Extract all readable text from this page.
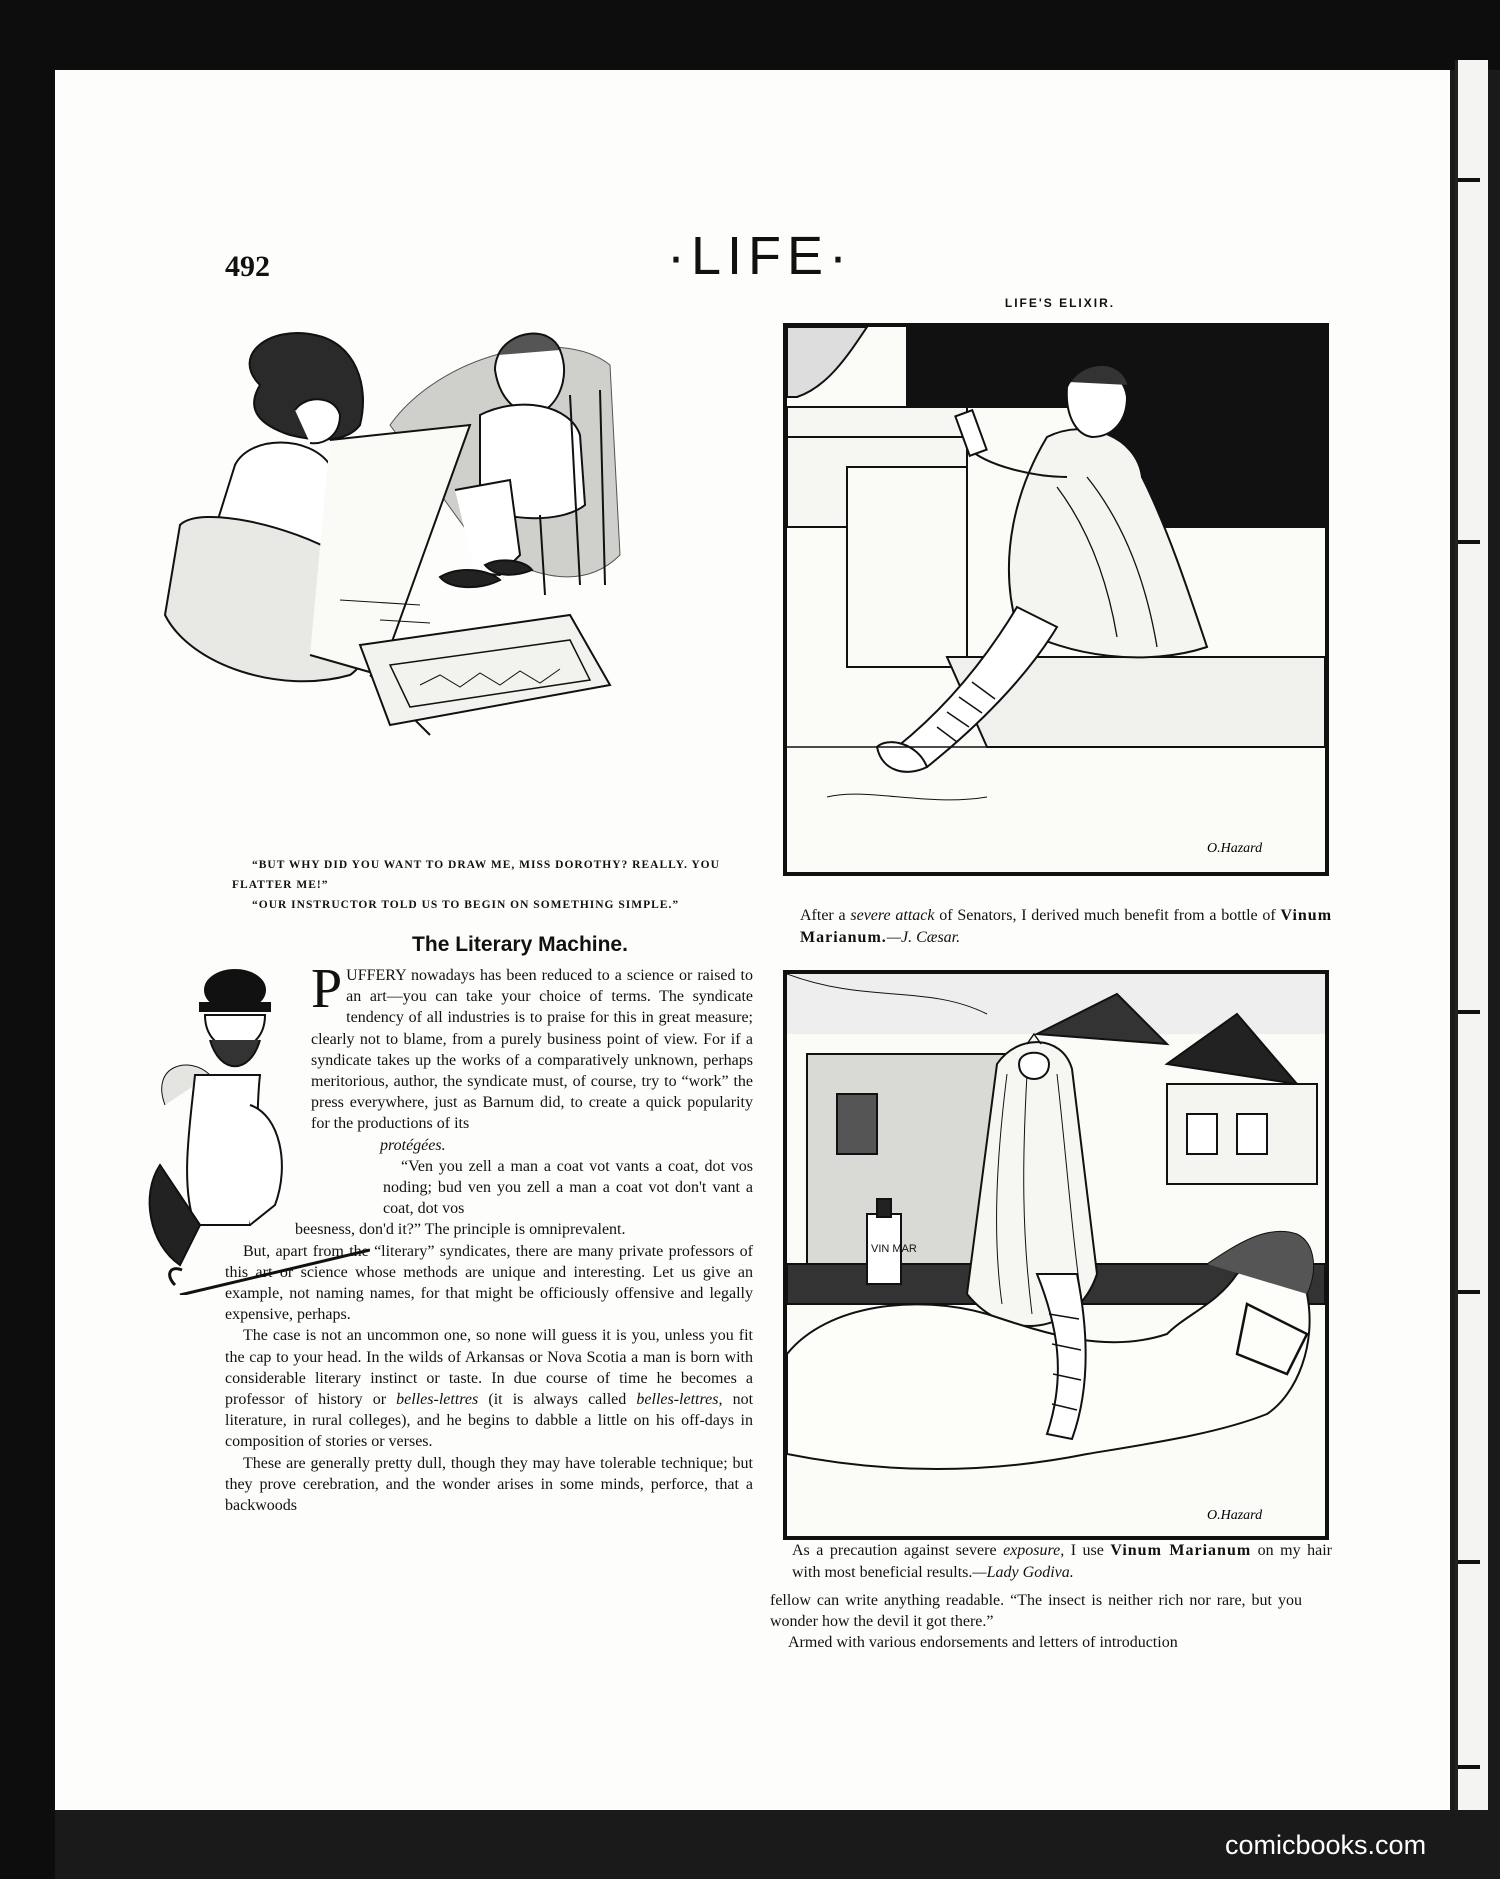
492	·LIFE·
LIFE'S ELIXIR.

“BUT WHY DID YOU WANT TO DRAW ME, MISS DOROTHY? REALLY. YOU FLATTER ME!”

“OUR INSTRUCTOR TOLD US TO BEGIN ON SOMETHING SIMPLE.”

O.Hazard
After a severe attack of Senators, I derived much benefit from a bottle of Vinum Marianum.—J. Cæsar.
VIN MAR
O.Hazard
As a precaution against severe exposure, I use Vinum Marianum on my hair with most beneficial results.—Lady Godiva.
The Literary Machine.

PUFFERY nowadays has been reduced to a science or raised to an art—you can take your choice of terms. The syndicate tendency of all industries is to praise for this in great measure; clearly not to blame, from a purely business point of view. For if a syndicate takes up the works of a comparatively unknown, perhaps meritorious, author, the syndicate must, of course, try to “work” the press everywhere, just as Barnum did, to create a quick popularity for the productions of its

protégées.

“Ven you zell a man a coat vot vants a coat, dot vos noding; bud ven you zell a man a coat vot don't vant a coat, dot vos

beesness, don'd it?” The principle is omniprevalent.

But, apart from the “literary” syndicates, there are many private professors of this art or science whose methods are unique and interesting. Let us give an example, not naming names, for that might be officiously offensive and legally expensive, perhaps.

The case is not an uncommon one, so none will guess it is you, unless you fit the cap to your head. In the wilds of Arkansas or Nova Scotia a man is born with considerable literary instinct or taste. In due course of time he becomes a professor of history or belles-lettres (it is always called belles-lettres, not literature, in rural colleges), and he begins to dabble a little on his off-days in composition of stories or verses.

These are generally pretty dull, though they may have tolerable technique; but they prove cerebration, and the wonder arises in some minds, perforce, that a backwoods

fellow can write anything readable. “The insect is neither rich nor rare, but you wonder how the devil it got there.”

Armed with various endorsements and letters of introduction

comicbooks.com
